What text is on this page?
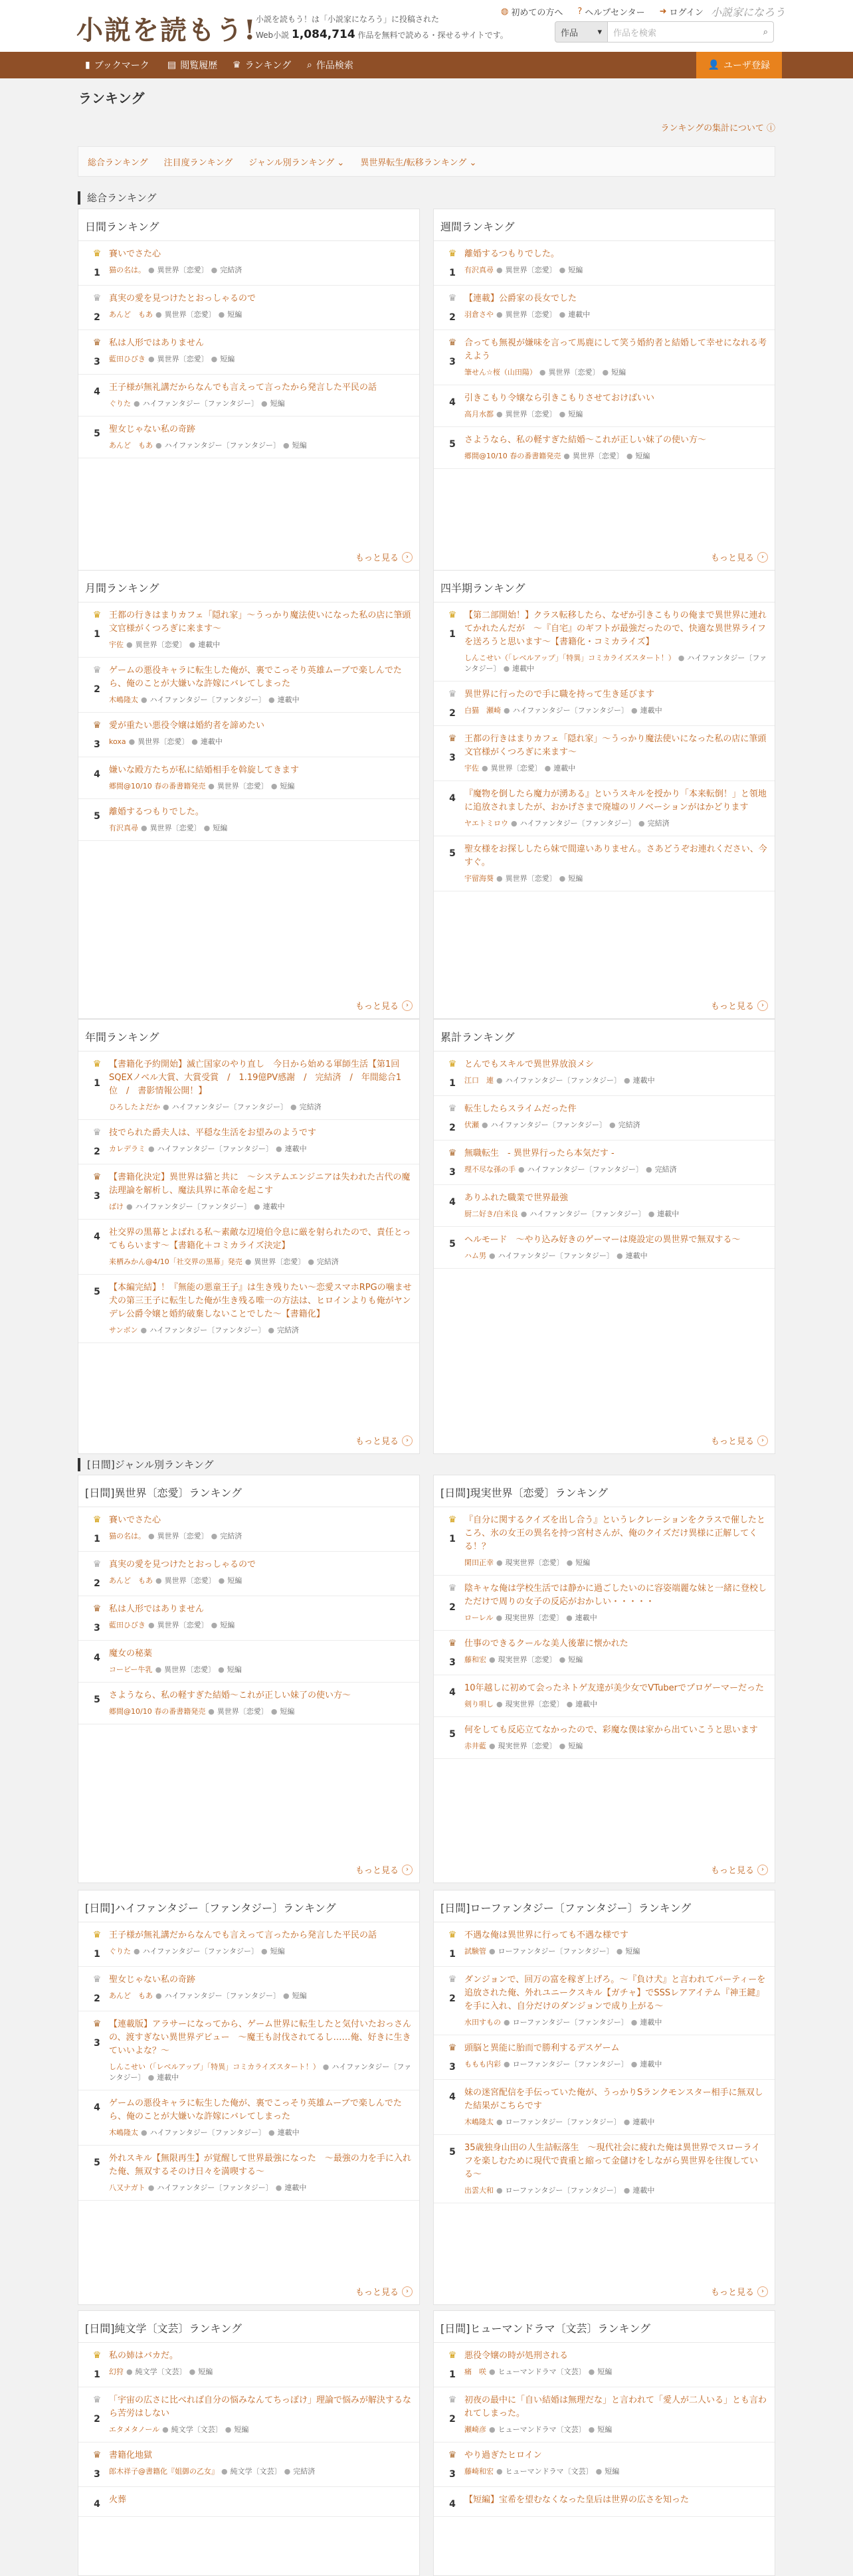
小説を読もう!
小説を読もう！は「小説家になろう」に投稿された
Web小説 1,084,714 作品を無料で読める・探せるサイトです。
◍ 初めての方へ ? ヘルプセンター ➜ ログイン 小説家になろう
作品 ▾ 作品を検索	⌕
▮ ブックマーク ▤ 閲覧履歴 ♛ ランキング ⌕ 作品検索	👤 ユーザ登録
ランキング
ランキングの集計について ⓘ
総合ランキング 注目度ランキング ジャンル別ランキング ⌄ 異世界転生/転移ランキング ⌄
総合ランキング
[日間]ジャンル別ランキング
日間ランキング
♛
1
賽いでさた心
猫の名は。 ● 異世界〔恋愛〕 ● 完結済
♛
2
真実の愛を見つけたとおっしゃるので
あんど　もあ ● 異世界〔恋愛〕 ● 短編
♛
3
私は人形ではありません
藍田ひびき ● 異世界〔恋愛〕 ● 短編
4 王子様が無礼講だからなんでも言えって言ったから発言した平民の話
ぐりた ● ハイファンタジー〔ファンタジー〕 ● 短編
5 聖女じゃない私の奇跡
あんど　もあ ● ハイファンタジー〔ファンタジー〕 ● 短編
もっと見る	›
週間ランキング
♛
1
離婚するつもりでした。
有沢真尋 ● 異世界〔恋愛〕 ● 短編
♛
2
【連載】公爵家の長女でした
羽倉さや ● 異世界〔恋愛〕 ● 連載中
♛
3
合っても無視が嫌味を言って馬鹿にして笑う婚約者と結婚して幸せになれる考えよう
筆せん☆桜（山田陽） ● 異世界〔恋愛〕 ● 短編
4 引きこもり令嬢なら引きこもりさせておけばいい
高月水都 ● 異世界〔恋愛〕 ● 短編
5 さようなら、私の軽すぎた結婚〜これが正しい妹了の使い方〜
郷間@10/10 春の番書籍発売 ● 異世界〔恋愛〕 ● 短編
もっと見る	›
月間ランキング
♛
1
王都の行きはまりカフェ「隠れ家」〜うっかり魔法使いになった私の店に筆頭文官様がくつろぎに来ます〜
宇佐 ● 異世界〔恋愛〕 ● 連載中
♛
2
ゲームの悪役キャラに転生した俺が、裏でこっそり英雄ムーブで楽しんでたら、俺のことが大嫌いな許嫁にバレてしまった
木嶋隆太 ● ハイファンタジー〔ファンタジー〕 ● 連載中
♛
3
愛が重たい悪役令嬢は婚約者を諦めたい
koxa ● 異世界〔恋愛〕 ● 連載中
4 嫌いな殿方たちが私に結婚相手を斡旋してきます
郷間@10/10 春の番書籍発売 ● 異世界〔恋愛〕 ● 短編
5 離婚するつもりでした。
有沢真尋 ● 異世界〔恋愛〕 ● 短編
もっと見る	›
四半期ランキング
♛
1
【第二部開始！】クラス転移したら、なぜか引きこもりの俺まで異世界に連れてかれたんだが　〜『自宅』のギフトが最強だったので、快適な異世界ライフを送ろうと思います〜【書籍化・コミカライズ】
しんこせい（「レベルアップ」「特異」コミカライズスタート！） ● ハイファンタジー〔ファンタジー〕 ● 連載中
♛
2
異世界に行ったので手に職を持って生き延びます
白猫　瀬崎 ● ハイファンタジー〔ファンタジー〕 ● 連載中
♛
3
王都の行きはまりカフェ「隠れ家」〜うっかり魔法使いになった私の店に筆頭文官様がくつろぎに来ます〜
宇佐 ● 異世界〔恋愛〕 ● 連載中
4 『魔物を倒したら魔力が湧ある』というスキルを授かり「本来転倒！」と領地に追放されましたが、おかげさまで廃墟のリノベーションがはかどります
ヤエトミロウ ● ハイファンタジー〔ファンタジー〕 ● 完結済
5 聖女様をお探ししたら妹で間違いありません。さあどうぞお連れください、今すぐ。
宇留海葵 ● 異世界〔恋愛〕 ● 短編
もっと見る	›
年間ランキング
♛
1
【書籍化予約開始】滅亡国家のやり直し　今日から始める軍師生活【第1回SQEXノベル大賞、大賞受賞　/　1.19億PV感謝　/　完結済　/　年間総合1位　/　書影情報公開！】
ひろしたよだか ● ハイファンタジー〔ファンタジー〕 ● 完結済
♛
2
技でられた爵夫人は、平穏な生活をお望みのようです
カレデラミ ● ハイファンタジー〔ファンタジー〕 ● 連載中
♛
3
【書籍化決定】異世界は猫と共に　〜システムエンジニアは失われた古代の魔法理論を解析し、魔法具界に革命を起こす
ばけ ● ハイファンタジー〔ファンタジー〕 ● 連載中
4 社交界の黒幕とよばれる私〜素敵な辺境伯令息に厳を射られたので、責任とってもらいます〜【書籍化＋コミカライズ決定】
来栖みかん@4/10「社交界の黒幕」発売 ● 異世界〔恋愛〕 ● 完結済
5 【本編完結】！『無能の悪童王子』は生き残りたい〜恋愛スマホRPGの噛ませ犬の第三王子に転生した俺が生き残る唯一の方法は、ヒロインよりも俺がヤンデレ公爵令嬢と婚約破棄しないことでした〜【書籍化】
サンボン ● ハイファンタジー〔ファンタジー〕 ● 完結済
もっと見る	›
累計ランキング
♛
1
とんでもスキルで異世界放浪メシ
江口　連 ● ハイファンタジー〔ファンタジー〕 ● 連載中
♛
2
転生したらスライムだった件
伏瀬 ● ハイファンタジー〔ファンタジー〕 ● 完結済
♛
3
無職転生　- 異世界行ったら本気だす -
理不尽な孫の手 ● ハイファンタジー〔ファンタジー〕 ● 完結済
4 ありふれた職業で世界最強
厨二好き/白米良 ● ハイファンタジー〔ファンタジー〕 ● 連載中
5 ヘルモード　〜やり込み好きのゲーマーは廃設定の異世界で無双する〜
ハム男 ● ハイファンタジー〔ファンタジー〕 ● 連載中
もっと見る	›
[日間]異世界〔恋愛〕ランキング
♛
1
賽いでさた心
猫の名は。 ● 異世界〔恋愛〕 ● 完結済
♛
2
真実の愛を見つけたとおっしゃるので
あんど　もあ ● 異世界〔恋愛〕 ● 短編
♛
3
私は人形ではありません
藍田ひびき ● 異世界〔恋愛〕 ● 短編
4 魔女の秘薬
コービー牛乳 ● 異世界〔恋愛〕 ● 短編
5 さようなら、私の軽すぎた結婚〜これが正しい妹了の使い方〜
郷間@10/10 春の番書籍発売 ● 異世界〔恋愛〕 ● 短編
もっと見る	›
[日間]現実世界〔恋愛〕ランキング
♛
1
『自分に関するクイズを出し合う』というレクレーションをクラスで催したところ、氷の女王の異名を持つ宮村さんが、俺のクイズだけ異様に正解してくる！？
閑田正幸 ● 現実世界〔恋愛〕 ● 短編
♛
2
陰キャな俺は学校生活では静かに過ごしたいのに容姿端麗な妹と一緒に登校しただけで周りの女子の反応がおかしい・・・・・
ローレル ● 現実世界〔恋愛〕 ● 連載中
♛
3
仕事のできるクールな美人後輩に懐かれた
藤和宏 ● 現実世界〔恋愛〕 ● 短編
4 10年越しに初めて会ったネトゲ友達が美少女でVTuberでプロゲーマーだった
剣り唄し ● 現実世界〔恋愛〕 ● 連載中
5 何をしても反応立てなかったので、彩魔な僕は家から出ていこうと思います
赤井藍 ● 現実世界〔恋愛〕 ● 短編
もっと見る	›
[日間]ハイファンタジー〔ファンタジー〕ランキング
♛
1
王子様が無礼講だからなんでも言えって言ったから発言した平民の話
ぐりた ● ハイファンタジー〔ファンタジー〕 ● 短編
♛
2
聖女じゃない私の奇跡
あんど　もあ ● ハイファンタジー〔ファンタジー〕 ● 短編
♛
3
【連載版】アラサーになってから、ゲーム世界に転生したと気付いたおっさんの、渡すぎない異世界デビュー　〜魔王も討伐されてるし……俺、好きに生きていいよな？〜
しんこせい（「レベルアップ」「特異」コミカライズスタート！） ● ハイファンタジー〔ファンタジー〕 ● 連載中
4 ゲームの悪役キャラに転生した俺が、裏でこっそり英雄ムーブで楽しんでたら、俺のことが大嫌いな許嫁にバレてしまった
木嶋隆太 ● ハイファンタジー〔ファンタジー〕 ● 連載中
5 外れスキル【無限再生】が覚醒して世界最強になった　〜最強の力を手に入れた俺、無双するそのけ日々を満喫する〜
八又ナガト ● ハイファンタジー〔ファンタジー〕 ● 連載中
もっと見る	›
[日間]ローファンタジー〔ファンタジー〕ランキング
♛
1
不遇な俺は異世界に行っても不遇な様です
試験管 ● ローファンタジー〔ファンタジー〕 ● 短編
♛
2
ダンジョンで、回万の富を稼ぎ上げろ。〜『負け犬』と言われてパーティーを追放された俺、外れユニークスキル【ガチャ】でSSSレアアイテム『神王鍵』を手に入れ、自分だけのダンジョンで成り上がる〜
水田すもの ● ローファンタジー〔ファンタジー〕 ● 連載中
♛
3
頭脳と異能に胎而で勝利するデスゲーム
ももも内彩 ● ローファンタジー〔ファンタジー〕 ● 連載中
4 妹の迷宮配信を手伝っていた俺が、うっかりSランクモンスター相手に無双した結果がこちらです
木嶋隆太 ● ローファンタジー〔ファンタジー〕 ● 連載中
5 35歳独身山田の人生詰転落生　〜現代社会に疲れた俺は異世界でスローライフを楽しむために現代で貴重と縮って金儲けをしながら異世界を往復している〜
出雲大和 ● ローファンタジー〔ファンタジー〕 ● 連載中
もっと見る	›
[日間]純文学〔文芸〕ランキング
♛
1
私の姉はバカだ。
幻狩 ● 純文学〔文芸〕 ● 短編
♛
2
「宇宙の広さに比べれば自分の悩みなんてちっぽけ」理論で悩みが解決するなら苦労はしない
エタメタノール ● 純文学〔文芸〕 ● 短編
♛
3
書籍化地獄
郎木祥子@書籍化『姐御の乙女』 ● 純文学〔文芸〕 ● 完結済
4 火葬
[日間]ヒューマンドラマ〔文芸〕ランキング
♛
1
悪役令嬢の時が処刑される
痛　咲 ● ヒューマンドラマ〔文芸〕 ● 短編
♛
2
初夜の最中に「自い結婚は無理だな」と言われて「愛人が二人いる」とも言われてしまった。
瀬崎彦 ● ヒューマンドラマ〔文芸〕 ● 短編
♛
3
やり過ぎたヒロイン
藤崎和宏 ● ヒューマンドラマ〔文芸〕 ● 短編
4 【短編】宝希を望むなくなった皇后は世界の広さを知った
